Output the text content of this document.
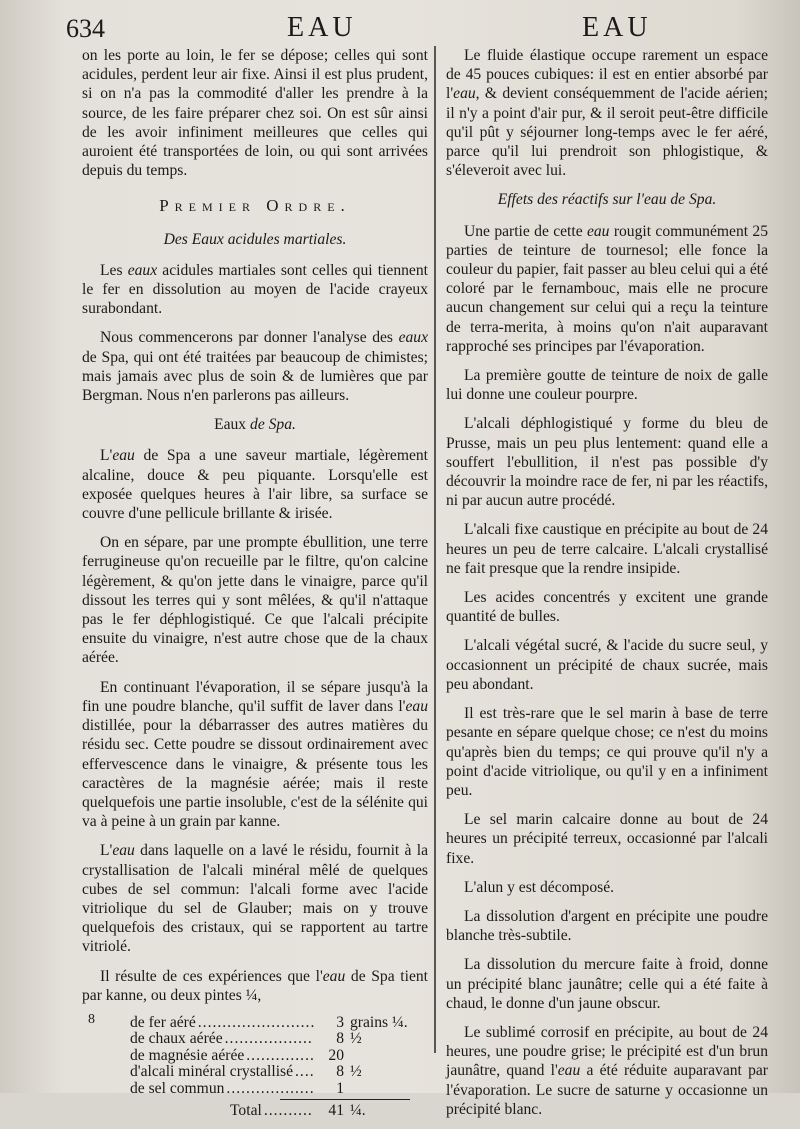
634	EAU	EAU

on les porte au loin, le fer se dépose; celles qui sont acidules, perdent leur air fixe. Ainsi il est plus prudent, si on n'a pas la commodité d'aller les prendre à la source, de les faire préparer chez soi. On est sûr ainsi de les avoir infiniment meilleures que celles qui auroient été transportées de loin, ou qui sont arrivées depuis du temps.

Premier Ordre.
Des Eaux acidules martiales.

Les eaux acidules martiales sont celles qui tiennent le fer en dissolution au moyen de l'acide crayeux surabondant.

Nous commencerons par donner l'analyse des eaux de Spa, qui ont été traitées par beaucoup de chimistes; mais jamais avec plus de soin & de lumières que par Bergman. Nous n'en parlerons pas ailleurs.

Eaux de Spa.

L'eau de Spa a une saveur martiale, légèrement alcaline, douce & peu piquante. Lorsqu'elle est exposée quelques heures à l'air libre, sa surface se couvre d'une pellicule brillante & irisée.

On en sépare, par une prompte ébullition, une terre ferrugineuse qu'on recueille par le filtre, qu'on calcine légèrement, & qu'on jette dans le vinaigre, parce qu'il dissout les terres qui y sont mêlées, & qu'il n'attaque pas le fer déphlogistiqué. Ce que l'alcali précipite ensuite du vinaigre, n'est autre chose que de la chaux aérée.

En continuant l'évaporation, il se sépare jusqu'à la fin une poudre blanche, qu'il suffit de laver dans l'eau distillée, pour la débarrasser des autres matières du résidu sec. Cette poudre se dissout ordinairement avec effervescence dans le vinaigre, & présente tous les caractères de la magnésie aérée; mais il reste quelquefois une partie insoluble, c'est de la sélénite qui va à peine à un grain par kanne.

L'eau dans laquelle on a lavé le résidu, fournit à la crystallisation de l'alcali minéral mêlé de quelques cubes de sel commun: l'alcali forme avec l'acide vitriolique du sel de Glauber; mais on y trouve quelquefois des cristaux, qui se rapportent au tartre vitriolé.

Il résulte de ces expériences que l'eau de Spa tient par kanne, ou deux pintes ¼,

de fer aéré .....	3 grains ¼.
de chaux aérée .....	8 ½
de magnésie aérée .....	20
d'alcali minéral crystallisé .....	8 ½
de sel commun .....	1
Total .....	41 ¼.
8

Le fluide élastique occupe rarement un espace de 45 pouces cubiques: il est en entier absorbé par l'eau, & devient conséquemment de l'acide aérien; il n'y a point d'air pur, & il seroit peut-être difficile qu'il pût y séjourner long-temps avec le fer aéré, parce qu'il lui prendroit son phlogistique, & s'éleveroit avec lui.

Effets des réactifs sur l'eau de Spa.

Une partie de cette eau rougit communément 25 parties de teinture de tournesol; elle fonce la couleur du papier, fait passer au bleu celui qui a été coloré par le fernambouc, mais elle ne procure aucun changement sur celui qui a reçu la teinture de terra-merita, à moins qu'on n'ait auparavant rapproché ses principes par l'évaporation.

La première goutte de teinture de noix de galle lui donne une couleur pourpre.

L'alcali déphlogistiqué y forme du bleu de Prusse, mais un peu plus lentement: quand elle a souffert l'ebullition, il n'est pas possible d'y découvrir la moindre race de fer, ni par les réactifs, ni par aucun autre procédé.

L'alcali fixe caustique en précipite au bout de 24 heures un peu de terre calcaire. L'alcali crystallisé ne fait presque que la rendre insipide.

Les acides concentrés y excitent une grande quantité de bulles.

L'alcali végétal sucré, & l'acide du sucre seul, y occasionnent un précipité de chaux sucrée, mais peu abondant.

Il est très-rare que le sel marin à base de terre pesante en sépare quelque chose; ce n'est du moins qu'après bien du temps; ce qui prouve qu'il n'y a point d'acide vitriolique, ou qu'il y en a infiniment peu.

Le sel marin calcaire donne au bout de 24 heures un précipité terreux, occasionné par l'alcali fixe.

L'alun y est décomposé.

La dissolution d'argent en précipite une poudre blanche très-subtile.

La dissolution du mercure faite à froid, donne un précipité blanc jaunâtre; celle qui a été faite à chaud, le donne d'un jaune obscur.

Le sublimé corrosif en précipite, au bout de 24 heures, une poudre grise; le précipité est d'un brun jaunâtre, quand l'eau a été réduite auparavant par l'évaporation. Le sucre de saturne y occasionne un précipité blanc.
